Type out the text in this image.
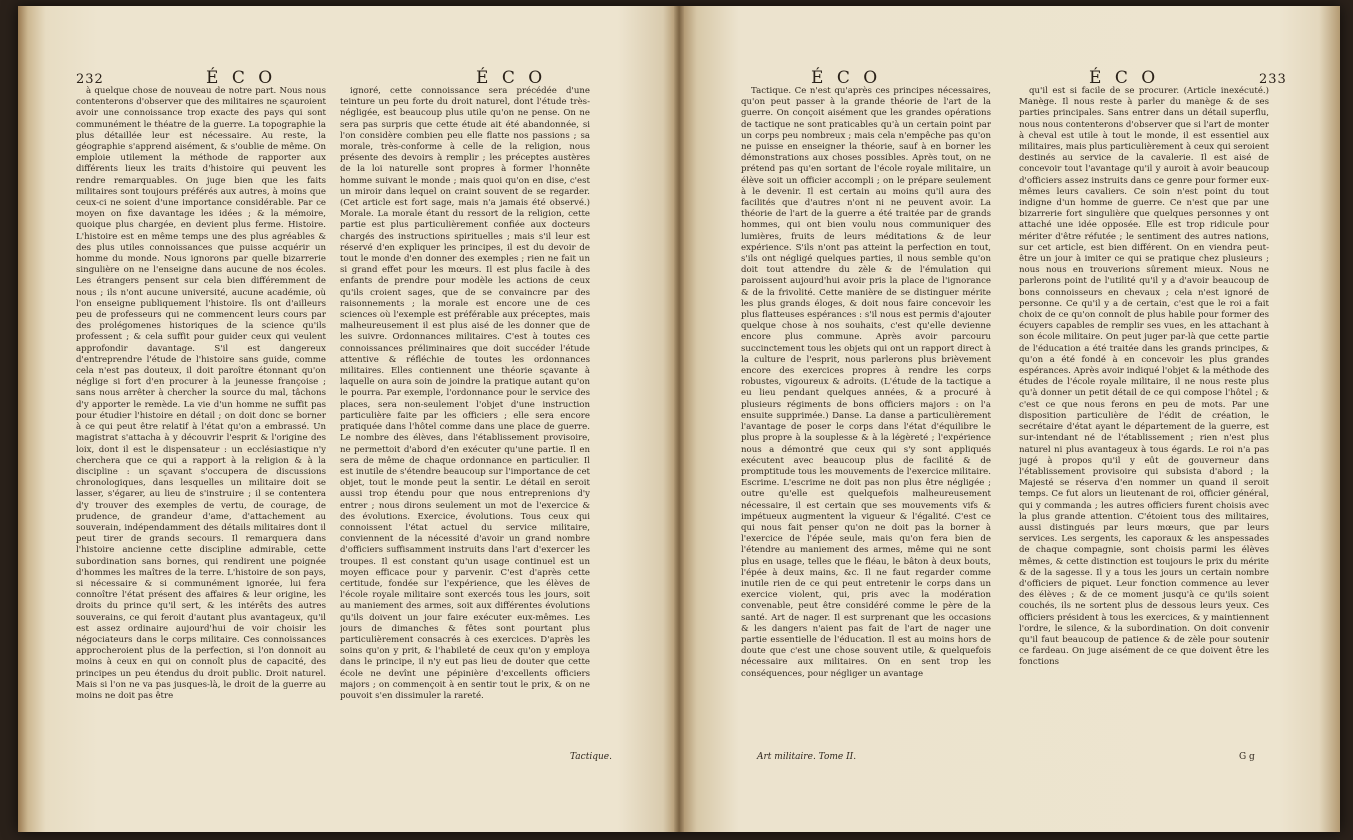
232	É C O	É C O

à quelque chose de nouveau de notre part. Nous nous contenterons d'observer que des militaires ne sçauroient avoir une connoissance trop exacte des pays qui sont communément le théatre de la guerre. La topographie la plus détaillée leur est nécessaire. Au reste, la géographie s'apprend aisément, & s'oublie de même. On emploie utilement la méthode de rapporter aux différents lieux les traits d'histoire qui peuvent les rendre remarquables. On juge bien que les faits militaires sont toujours préférés aux autres, à moins que ceux-ci ne soient d'une importance considérable. Par ce moyen on fixe davantage les idées ; & la mémoire, quoique plus chargée, en devient plus ferme. Histoire. L'histoire est en même temps une des plus agréables & des plus utiles connoissances que puisse acquérir un homme du monde. Nous ignorons par quelle bizarrerie singulière on ne l'enseigne dans aucune de nos écoles. Les étrangers pensent sur cela bien différemment de nous ; ils n'ont aucune université, aucune académie, où l'on enseigne publiquement l'histoire. Ils ont d'ailleurs peu de professeurs qui ne commencent leurs cours par des prolégomenes historiques de la science qu'ils professent ; & cela suffit pour guider ceux qui veulent approfondir davantage. S'il est dangereux d'entreprendre l'étude de l'histoire sans guide, comme cela n'est pas douteux, il doit paroître étonnant qu'on néglige si fort d'en procurer à la jeunesse françoise ; sans nous arrêter à chercher la source du mal, tâchons d'y apporter le remède. La vie d'un homme ne suffit pas pour étudier l'histoire en détail ; on doit donc se borner à ce qui peut être relatif à l'état qu'on a embrassé. Un magistrat s'attacha à y découvrir l'esprit & l'origine des loix, dont il est le dispensateur : un ecclésiastique n'y cherchera que ce qui a rapport à la religion & à la discipline : un sçavant s'occupera de discussions chronologiques, dans lesquelles un militaire doit se lasser, s'égarer, au lieu de s'instruire ; il se contentera d'y trouver des exemples de vertu, de courage, de prudence, de grandeur d'ame, d'attachement au souverain, indépendamment des détails militaires dont il peut tirer de grands secours. Il remarquera dans l'histoire ancienne cette discipline admirable, cette subordination sans bornes, qui rendirent une poignée d'hommes les maîtres de la terre. L'histoire de son pays, si nécessaire & si communément ignorée, lui fera connoître l'état présent des affaires & leur origine, les droits du prince qu'il sert, & les intérêts des autres souverains, ce qui feroit d'autant plus avantageux, qu'il est assez ordinaire aujourd'hui de voir choisir les négociateurs dans le corps militaire. Ces connoissances approcheroient plus de la perfection, si l'on donnoit au moins à ceux en qui on connoît plus de capacité, des principes un peu étendus du droit public. Droit naturel. Mais si l'on ne va pas jusques-là, le droit de la guerre au moins ne doit pas être

ignoré, cette connoissance sera précédée d'une teinture un peu forte du droit naturel, dont l'étude très-négligée, est beaucoup plus utile qu'on ne pense. On ne sera pas surpris que cette étude ait été abandonnée, si l'on considère combien peu elle flatte nos passions ; sa morale, très-conforme à celle de la religion, nous présente des devoirs à remplir ; les préceptes austères de la loi naturelle sont propres à former l'honnête homme suivant le monde ; mais quoi qu'on en dise, c'est un miroir dans lequel on craint souvent de se regarder. (Cet article est fort sage, mais n'a jamais été observé.) Morale. La morale étant du ressort de la religion, cette partie est plus particulièrement confiée aux docteurs chargés des instructions spirituelles ; mais s'il leur est réservé d'en expliquer les principes, il est du devoir de tout le monde d'en donner des exemples ; rien ne fait un si grand effet pour les mœurs. Il est plus facile à des enfants de prendre pour modèle les actions de ceux qu'ils croient sages, que de se convaincre par des raisonnements ; la morale est encore une de ces sciences où l'exemple est préférable aux préceptes, mais malheureusement il est plus aisé de les donner que de les suivre. Ordonnances militaires. C'est à toutes ces connoissances préliminaires que doit succéder l'étude attentive & réfléchie de toutes les ordonnances militaires. Elles contiennent une théorie sçavante à laquelle on aura soin de joindre la pratique autant qu'on le pourra. Par exemple, l'ordonnance pour le service des places, sera non-seulement l'objet d'une instruction particulière faite par les officiers ; elle sera encore pratiquée dans l'hôtel comme dans une place de guerre. Le nombre des élèves, dans l'établissement provisoire, ne permettoit d'abord d'en exécuter qu'une partie. Il en sera de même de chaque ordonnance en particulier. Il est inutile de s'étendre beaucoup sur l'importance de cet objet, tout le monde peut la sentir. Le détail en seroit aussi trop étendu pour que nous entreprenions d'y entrer ; nous dirons seulement un mot de l'exercice & des évolutions. Exercice, évolutions. Tous ceux qui connoissent l'état actuel du service militaire, conviennent de la nécessité d'avoir un grand nombre d'officiers suffisamment instruits dans l'art d'exercer les troupes. Il est constant qu'un usage continuel est un moyen efficace pour y parvenir. C'est d'après cette certitude, fondée sur l'expérience, que les élèves de l'école royale militaire sont exercés tous les jours, soit au maniement des armes, soit aux différentes évolutions qu'ils doivent un jour faire exécuter eux-mêmes. Les jours de dimanches & fêtes sont pourtant plus particulièrement consacrés à ces exercices. D'après les soins qu'on y prit, & l'habileté de ceux qu'on y employa dans le principe, il n'y eut pas lieu de douter que cette école ne devînt une pépinière d'excellents officiers majors ; on commençoit à en sentir tout le prix, & on ne pouvoit s'en dissimuler la rareté.

Tactique.
É C O	É C O	233

Tactique. Ce n'est qu'après ces principes nécessaires, qu'on peut passer à la grande théorie de l'art de la guerre. On conçoit aisément que les grandes opérations de tactique ne sont praticables qu'à un certain point par un corps peu nombreux ; mais cela n'empêche pas qu'on ne puisse en enseigner la théorie, sauf à en borner les démonstrations aux choses possibles. Après tout, on ne prétend pas qu'en sortant de l'école royale militaire, un élève soit un officier accompli ; on le prépare seulement à le devenir. Il est certain au moins qu'il aura des facilités que d'autres n'ont ni ne peuvent avoir. La théorie de l'art de la guerre a été traitée par de grands hommes, qui ont bien voulu nous communiquer des lumières, fruits de leurs méditations & de leur expérience. S'ils n'ont pas atteint la perfection en tout, s'ils ont négligé quelques parties, il nous semble qu'on doit tout attendre du zèle & de l'émulation qui paroissent aujourd'hui avoir pris la place de l'ignorance & de la frivolité. Cette manière de se distinguer mérite les plus grands éloges, & doit nous faire concevoir les plus flatteuses espérances : s'il nous est permis d'ajouter quelque chose à nos souhaits, c'est qu'elle devienne encore plus commune. Après avoir parcouru succinctement tous les objets qui ont un rapport direct à la culture de l'esprit, nous parlerons plus brièvement encore des exercices propres à rendre les corps robustes, vigoureux & adroits. (L'étude de la tactique a eu lieu pendant quelques années, & a procuré à plusieurs régiments de bons officiers majors : on l'a ensuite supprimée.) Danse. La danse a particulièrement l'avantage de poser le corps dans l'état d'équilibre le plus propre à la souplesse & à la légèreté ; l'expérience nous a démontré que ceux qui s'y sont appliqués exécutent avec beaucoup plus de facilité & de promptitude tous les mouvements de l'exercice militaire. Escrime. L'escrime ne doit pas non plus être négligée ; outre qu'elle est quelquefois malheureusement nécessaire, il est certain que ses mouvements vifs & impétueux augmentent la vigueur & l'égalité. C'est ce qui nous fait penser qu'on ne doit pas la borner à l'exercice de l'épée seule, mais qu'on fera bien de l'étendre au maniement des armes, même qui ne sont plus en usage, telles que le fléau, le bâton à deux bouts, l'épée à deux mains, &c. Il ne faut regarder comme inutile rien de ce qui peut entretenir le corps dans un exercice violent, qui, pris avec la modération convenable, peut être considéré comme le père de la santé. Art de nager. Il est surprenant que les occasions & les dangers n'aient pas fait de l'art de nager une partie essentielle de l'éducation. Il est au moins hors de doute que c'est une chose souvent utile, & quelquefois nécessaire aux militaires. On en sent trop les conséquences, pour négliger un avantage

qu'il est si facile de se procurer. (Article inexécuté.) Manège. Il nous reste à parler du manège & de ses parties principales. Sans entrer dans un détail superflu, nous nous contenterons d'observer que si l'art de monter à cheval est utile à tout le monde, il est essentiel aux militaires, mais plus particulièrement à ceux qui seroient destinés au service de la cavalerie. Il est aisé de concevoir tout l'avantage qu'il y auroit à avoir beaucoup d'officiers assez instruits dans ce genre pour former eux-mêmes leurs cavaliers. Ce soin n'est point du tout indigne d'un homme de guerre. Ce n'est que par une bizarrerie fort singulière que quelques personnes y ont attaché une idée opposée. Elle est trop ridicule pour mériter d'être réfutée ; le sentiment des autres nations, sur cet article, est bien différent. On en viendra peut-être un jour à imiter ce qui se pratique chez plusieurs ; nous nous en trouverions sûrement mieux. Nous ne parlerons point de l'utilité qu'il y a d'avoir beaucoup de bons connoisseurs en chevaux ; cela n'est ignoré de personne. Ce qu'il y a de certain, c'est que le roi a fait choix de ce qu'on connoît de plus habile pour former des écuyers capables de remplir ses vues, en les attachant à son école militaire. On peut juger par-là que cette partie de l'éducation a été traitée dans les grands principes, & qu'on a été fondé à en concevoir les plus grandes espérances. Après avoir indiqué l'objet & la méthode des études de l'école royale militaire, il ne nous reste plus qu'à donner un petit détail de ce qui compose l'hôtel ; & c'est ce que nous ferons en peu de mots. Par une disposition particulière de l'édit de création, le secrétaire d'état ayant le département de la guerre, est sur-intendant né de l'établissement ; rien n'est plus naturel ni plus avantageux à tous égards. Le roi n'a pas jugé à propos qu'il y eût de gouverneur dans l'établissement provisoire qui subsista d'abord ; la Majesté se réserva d'en nommer un quand il seroit temps. Ce fut alors un lieutenant de roi, officier général, qui y commanda ; les autres officiers furent choisis avec la plus grande attention. C'étoient tous des militaires, aussi distingués par leurs mœurs, que par leurs services. Les sergents, les caporaux & les anspessades de chaque compagnie, sont choisis parmi les élèves mêmes, & cette distinction est toujours le prix du mérite & de la sagesse. Il y a tous les jours un certain nombre d'officiers de piquet. Leur fonction commence au lever des élèves ; & de ce moment jusqu'à ce qu'ils soient couchés, ils ne sortent plus de dessous leurs yeux. Ces officiers président à tous les exercices, & y maintiennent l'ordre, le silence, & la subordination. On doit convenir qu'il faut beaucoup de patience & de zèle pour soutenir ce fardeau. On juge aisément de ce que doivent être les fonctions

Art militaire. Tome II.	G g
